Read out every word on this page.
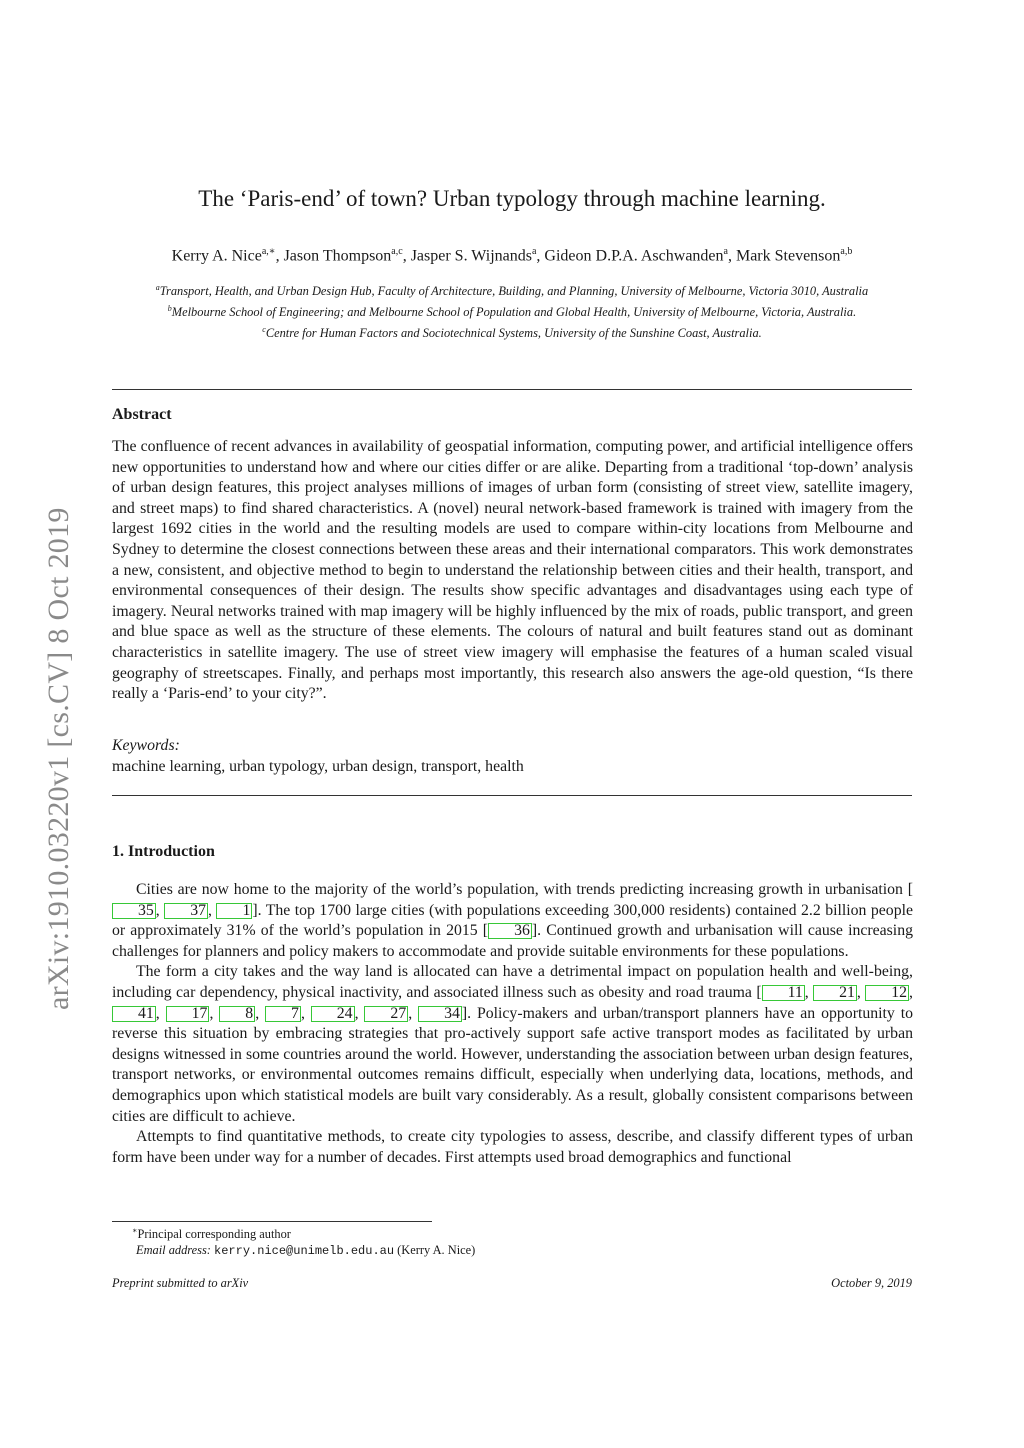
arXiv:1910.03220v1 [cs.CV] 8 Oct 2019
The ‘Paris-end’ of town? Urban typology through machine learning.
Kerry A. Nice$^{a,∗}$, Jason Thompson$^{a,c}$, Jasper S. Wijnands$^a$, Gideon D.P.A. Aschwanden$^a$, Mark Stevenson$^{a,b}$
$^a$Transport, Health, and Urban Design Hub, Faculty of Architecture, Building, and Planning, University of Melbourne, Victoria 3010, Australia
$^b$Melbourne School of Engineering; and Melbourne School of Population and Global Health, University of Melbourne, Victoria, Australia.
$^c$Centre for Human Factors and Sociotechnical Systems, University of the Sunshine Coast, Australia.
Abstract

The confluence of recent advances in availability of geospatial information, computing power, and artificial intelligence offers new opportunities to understand how and where our cities differ or are alike. Departing from a traditional ‘top-down’ analysis of urban design features, this project analyses millions of images of urban form (consisting of street view, satellite imagery, and street maps) to find shared characteristics. A (novel) neural network-based framework is trained with imagery from the largest 1692 cities in the world and the resulting models are used to compare within-city locations from Melbourne and Sydney to determine the closest connections between these areas and their international comparators. This work demonstrates a new, consistent, and objective method to begin to understand the relationship between cities and their health, transport, and environmental consequences of their design. The results show specific advantages and disadvantages using each type of imagery. Neural networks trained with map imagery will be highly influenced by the mix of roads, public transport, and green and blue space as well as the structure of these elements. The colours of natural and built features stand out as dominant characteristics in satellite imagery. The use of street view imagery will emphasise the features of a human scaled visual geography of streetscapes. Finally, and perhaps most importantly, this research also answers the age-old question, “Is there really a ‘Paris-end’ to your city?”.

Keywords:
machine learning, urban typology, urban design, transport, health
1. Introduction

Cities are now home to the majority of the world’s population, with trends predicting increasing growth in urbanisation [35 , 37 , 1 ]. The top 1700 large cities (with populations exceeding 300,000 residents) contained 2.2 billion people or approximately 31% of the world’s population in 2015 [ 36 ]. Continued growth and urbanisation will cause increasing challenges for planners and policy makers to accommodate and provide suitable environments for these populations.

The form a city takes and the way land is allocated can have a detrimental impact on population health and well-being, including car dependency, physical inactivity, and associated illness such as obesity and road trauma [ 11 , 21 , 12 , 41 , 17 , 8 , 7 , 24 , 27 , 34 ]. Policy-makers and urban/transport planners have an opportunity to reverse this situation by embracing strategies that pro-actively support safe active transport modes as facilitated by urban designs witnessed in some countries around the world. However, understanding the association between urban design features, transport networks, or environmental outcomes remains difficult, especially when underlying data, locations, methods, and demographics upon which statistical models are built vary considerably. As a result, globally consistent comparisons between cities are difficult to achieve.

Attempts to find quantitative methods, to create city typologies to assess, describe, and classify different types of urban form have been under way for a number of decades. First attempts used broad demographics and functional

∗Principal corresponding author
Email address: kerry.nice@unimelb.edu.au (Kerry A. Nice)
Preprint submitted to arXiv	October 9, 2019
